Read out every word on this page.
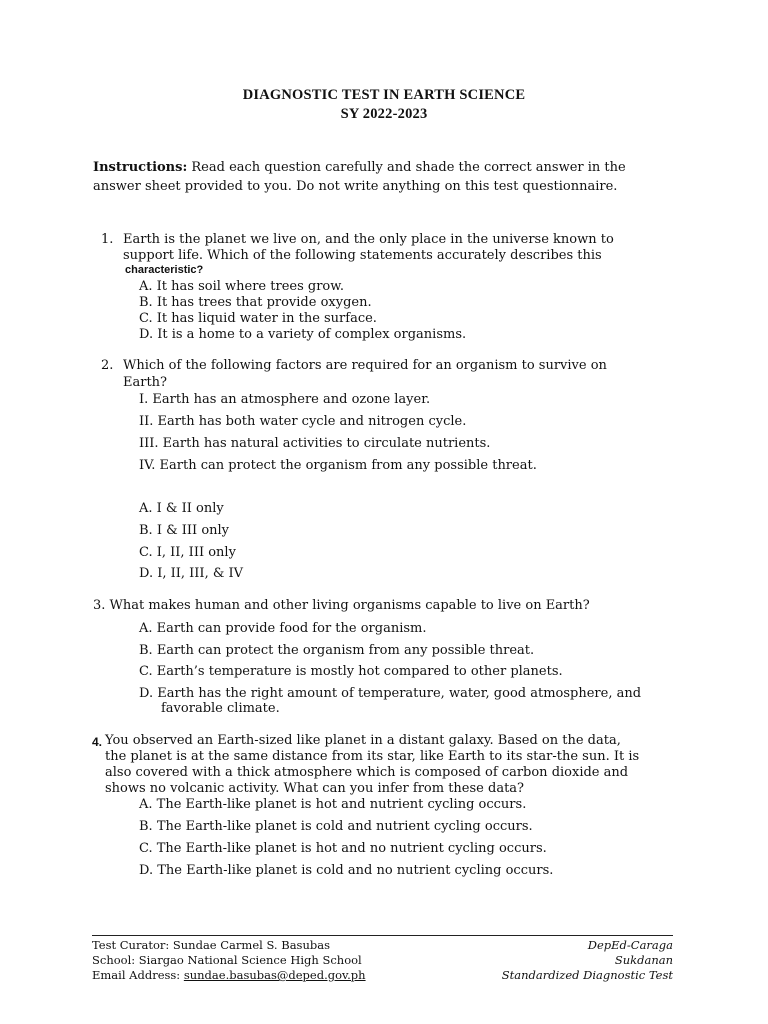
DIAGNOSTIC TEST IN EARTH SCIENCE
SY 2022-2023
Instructions: Read each question carefully and shade the correct answer in the
answer sheet provided to you. Do not write anything on this test questionnaire.
1. Earth is the planet we live on, and the only place in the universe known to
support life. Which of the following statements accurately describes this
characteristic?
A. It has soil where trees grow.
B. It has trees that provide oxygen.
C. It has liquid water in the surface.
D. It is a home to a variety of complex organisms.
2. Which of the following factors are required for an organism to survive on
Earth?
I. Earth has an atmosphere and ozone layer.
II. Earth has both water cycle and nitrogen cycle.
III. Earth has natural activities to circulate nutrients.
IV. Earth can protect the organism from any possible threat.
A. I & II only
B. I & III only
C. I, II, III only
D. I, II, III, & IV
3. What makes human and other living organisms capable to live on Earth?
A. Earth can provide food for the organism.
B. Earth can protect the organism from any possible threat.
C. Earth’s temperature is mostly hot compared to other planets.
D. Earth has the right amount of temperature, water, good atmosphere, and
favorable climate.
4. You observed an Earth-sized like planet in a distant galaxy. Based on the data,
the planet is at the same distance from its star, like Earth to its star-the sun. It is
also covered with a thick atmosphere which is composed of carbon dioxide and
shows no volcanic activity. What can you infer from these data?
A. The Earth-like planet is hot and nutrient cycling occurs.
B. The Earth-like planet is cold and nutrient cycling occurs.
C. The Earth-like planet is hot and no nutrient cycling occurs.
D. The Earth-like planet is cold and no nutrient cycling occurs.
Test Curator: Sundae Carmel S. Basubas
School: Siargao National Science High School
Email Address: sundae.basubas@deped.gov.ph
DepEd-Caraga
Sukdanan
Standardized Diagnostic Test
